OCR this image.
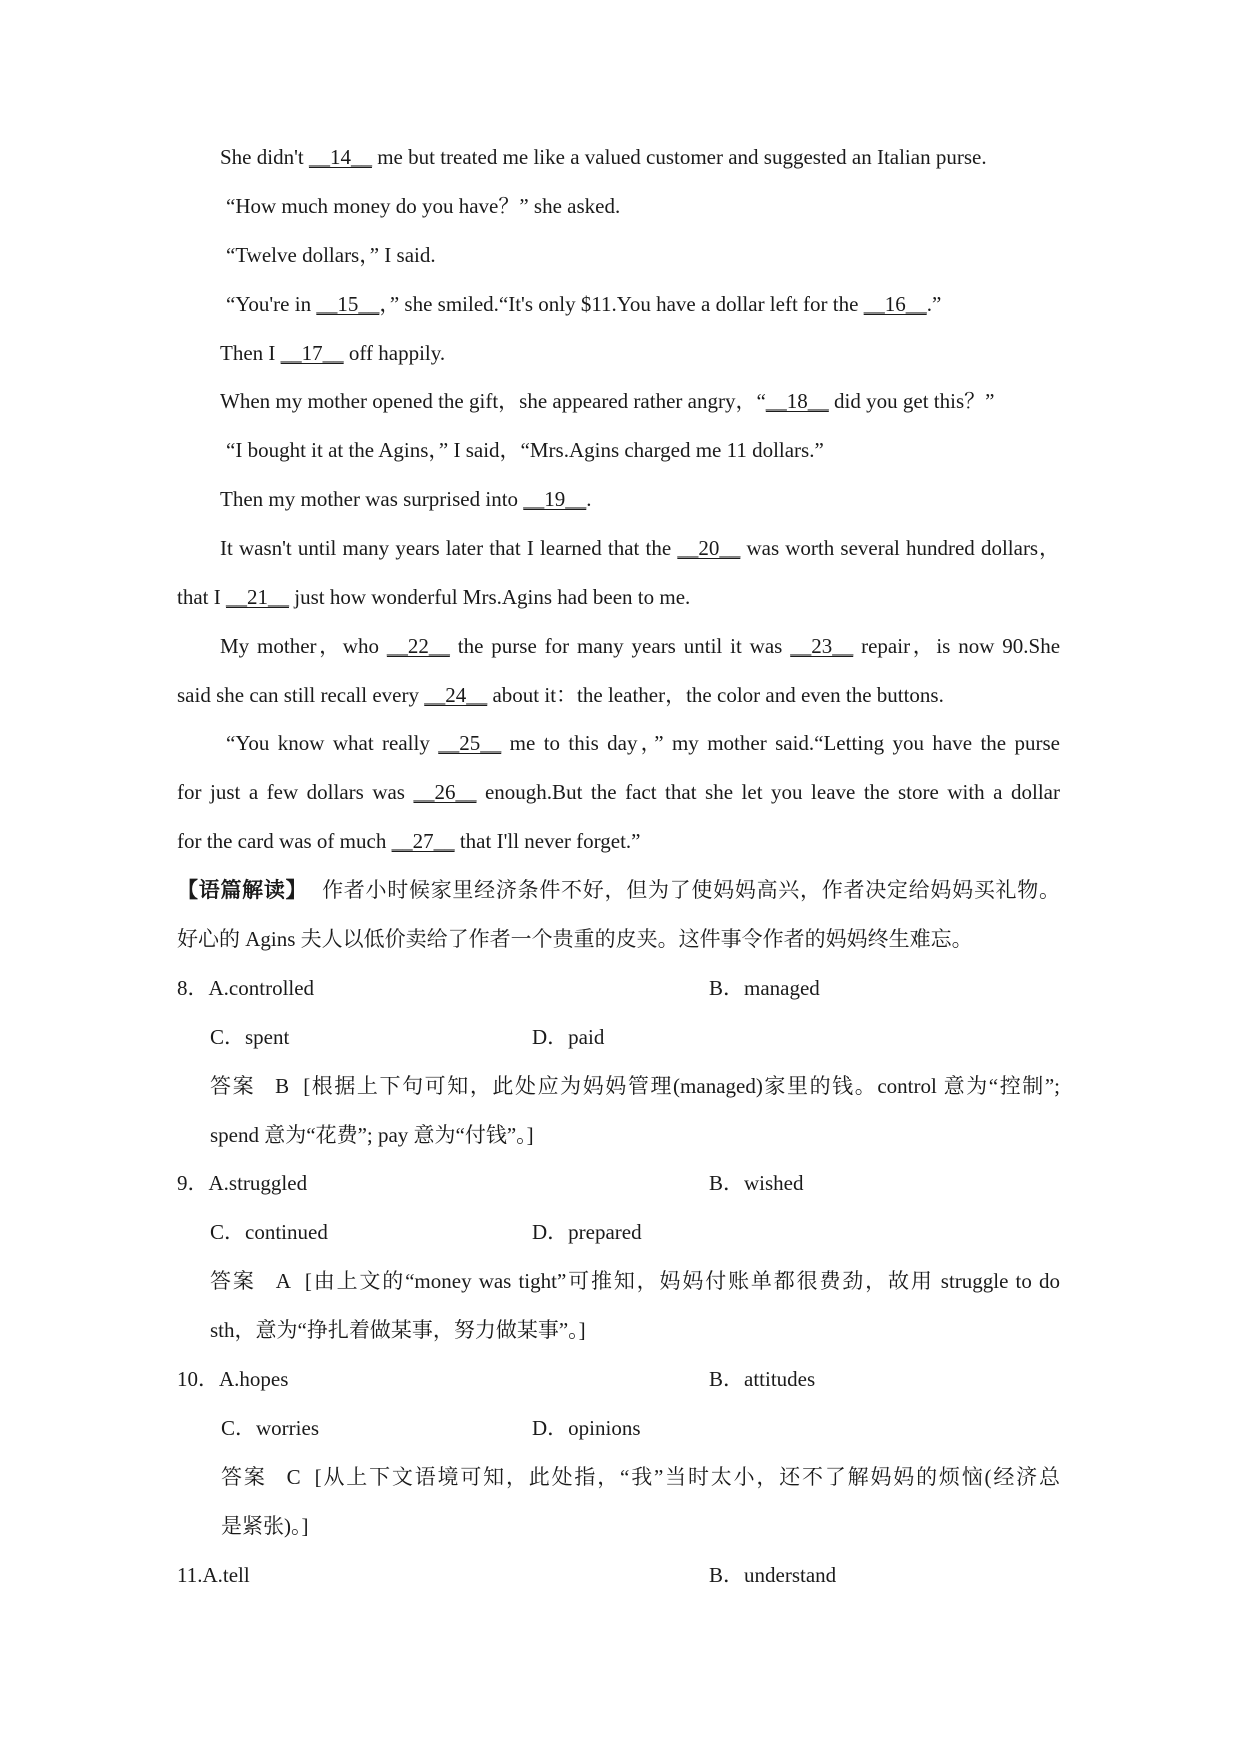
She didn't __14__ me but treated me like a valued customer and suggested an Italian purse.
“How much money do you have？” she asked.
“Twelve dollars，” I said.
“You're in __15__，” she smiled.“It's only $11.You have a dollar left for the __16__.”
Then I __17__ off happily.
When my mother opened the gift，she appeared rather angry，“__18__ did you get this？”
“I bought it at the Agins，” I said，“Mrs.Agins charged me 11 dollars.”
Then my mother was surprised into __19__.
It wasn't until many years later that I learned that the __20__ was worth several hundred dollars，
that I __21__ just how wonderful Mrs.Agins had been to me.
My mother，who __22__ the purse for many years until it was __23__ repair，is now 90.She
said she can still recall every __24__ about it：the leather，the color and even the buttons.
“You know what really __25__ me to this day，” my mother said.“Letting you have the purse
for just a few dollars was __26__ enough.But the fact that she let you leave the store with a dollar
for the card was of much __27__ that I'll never forget.”
【语篇解读】 作者小时候家里经济条件不好，但为了使妈妈高兴，作者决定给妈妈买礼物。
好心的 Agins 夫人以低价卖给了作者一个贵重的皮夹。这件事令作者的妈妈终生难忘。
8．A.controlled	B．managed
C．spent	D．paid
答案 B [根据上下句可知，此处应为妈妈管理(managed)家里的钱。control 意为“控制”;
spend 意为“花费”; pay 意为“付钱”。]
9．A.struggled	B．wished
C．continued	D．prepared
答案 A [由上文的“money was tight”可推知，妈妈付账单都很费劲，故用 struggle to do
sth，意为“挣扎着做某事，努力做某事”。]
10．A.hopes	B．attitudes
C．worries	D．opinions
答案 C [从上下文语境可知，此处指，“我”当时太小，还不了解妈妈的烦恼(经济总
是紧张)。]
11.A.tell	B．understand
